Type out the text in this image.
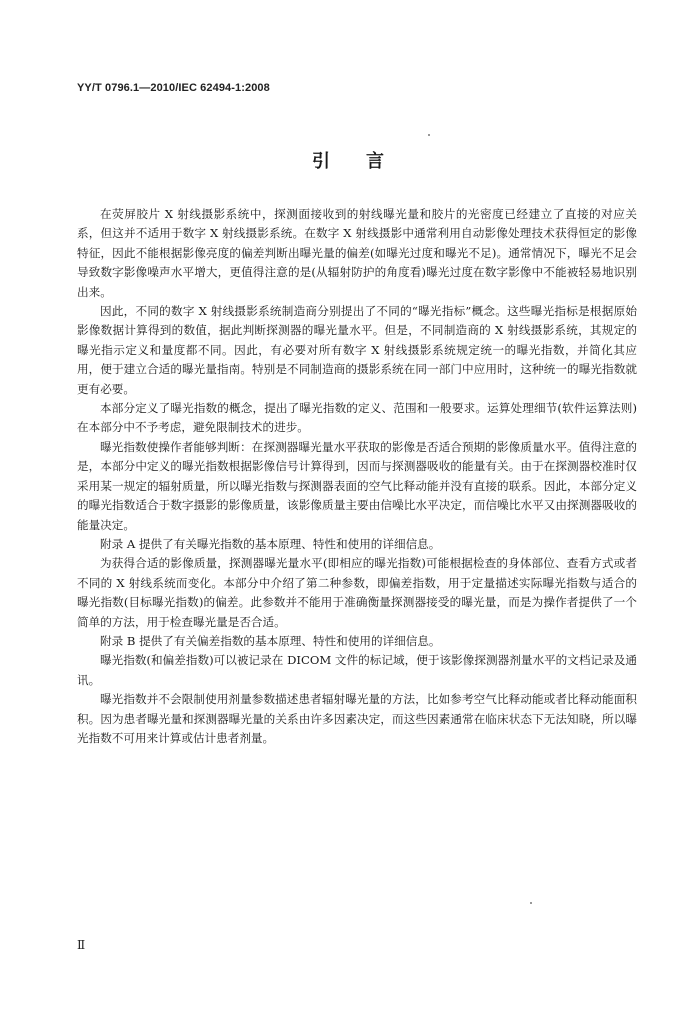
YY/T 0796.1—2010/IEC 62494-1:2008
引言

在荧屏胶片 X 射线摄影系统中，探测面接收到的射线曝光量和胶片的光密度已经建立了直接的对应关系，但这并不适用于数字 X 射线摄影系统。在数字 X 射线摄影中通常利用自动影像处理技术获得恒定的影像特征，因此不能根据影像亮度的偏差判断出曝光量的偏差(如曝光过度和曝光不足)。通常情况下，曝光不足会导致数字影像噪声水平增大，更值得注意的是(从辐射防护的角度看)曝光过度在数字影像中不能被轻易地识别出来。

因此，不同的数字 X 射线摄影系统制造商分别提出了不同的“曝光指标”概念。这些曝光指标是根据原始影像数据计算得到的数值，据此判断探测器的曝光量水平。但是，不同制造商的 X 射线摄影系统，其规定的曝光指示定义和量度都不同。因此，有必要对所有数字 X 射线摄影系统规定统一的曝光指数，并简化其应用，便于建立合适的曝光量指南。特别是不同制造商的摄影系统在同一部门中应用时，这种统一的曝光指数就更有必要。

本部分定义了曝光指数的概念，提出了曝光指数的定义、范围和一般要求。运算处理细节(软件运算法则)在本部分中不予考虑，避免限制技术的进步。

曝光指数使操作者能够判断：在探测器曝光量水平获取的影像是否适合预期的影像质量水平。值得注意的是，本部分中定义的曝光指数根据影像信号计算得到，因而与探测器吸收的能量有关。由于在探测器校准时仅采用某一规定的辐射质量，所以曝光指数与探测器表面的空气比释动能并没有直接的联系。因此，本部分定义的曝光指数适合于数字摄影的影像质量，该影像质量主要由信噪比水平决定，而信噪比水平又由探测器吸收的能量决定。

附录 A 提供了有关曝光指数的基本原理、特性和使用的详细信息。

为获得合适的影像质量，探测器曝光量水平(即相应的曝光指数)可能根据检查的身体部位、查看方式或者不同的 X 射线系统而变化。本部分中介绍了第二种参数，即偏差指数，用于定量描述实际曝光指数与适合的曝光指数(目标曝光指数)的偏差。此参数并不能用于准确衡量探测器接受的曝光量，而是为操作者提供了一个简单的方法，用于检查曝光量是否合适。

附录 B 提供了有关偏差指数的基本原理、特性和使用的详细信息。

曝光指数(和偏差指数)可以被记录在 DICOM 文件的标记域，便于该影像探测器剂量水平的文档记录及通讯。

曝光指数并不会限制使用剂量参数描述患者辐射曝光量的方法，比如参考空气比释动能或者比释动能面积积。因为患者曝光量和探测器曝光量的关系由许多因素决定，而这些因素通常在临床状态下无法知晓，所以曝光指数不可用来计算或估计患者剂量。

Ⅱ
